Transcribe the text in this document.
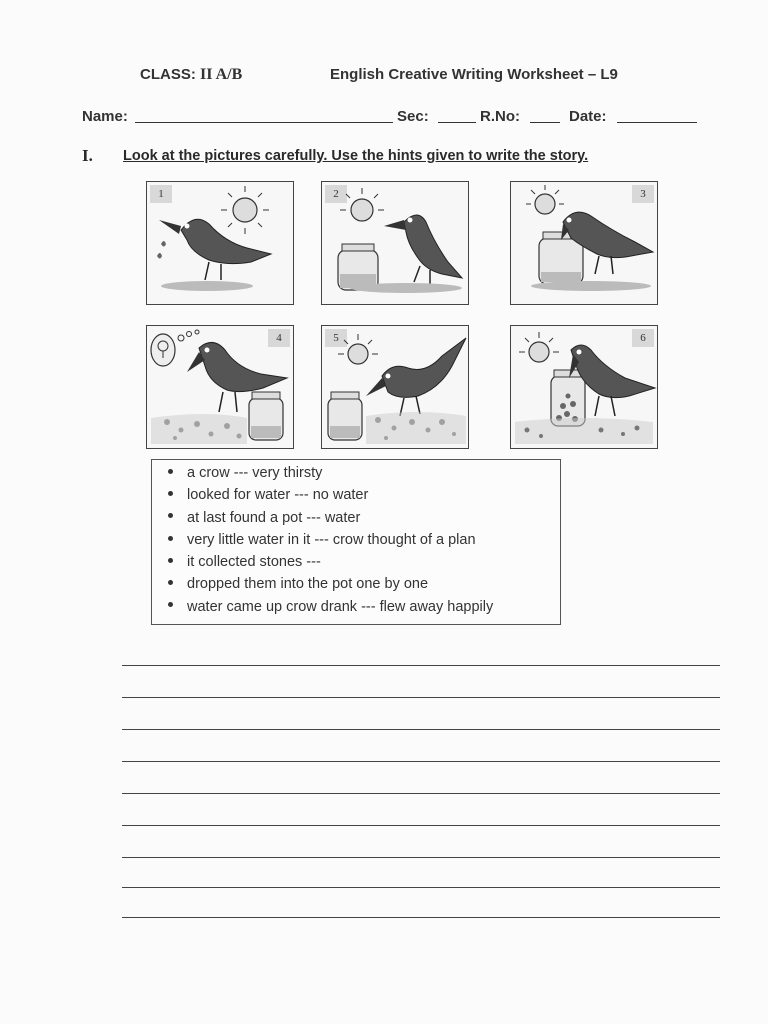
CLASS: II A/B	English Creative Writing Worksheet – L9
Name:	Sec:	R.No:	Date:
I. Look at the pictures carefully. Use the hints given to write the story.
1	2	3
4	5	6
a crow --- very thirsty
looked for water --- no water
at last found a pot --- water
very little water in it --- crow thought of a plan
it collected stones ---
dropped them into the pot one by one
water came up crow drank --- flew away happily
